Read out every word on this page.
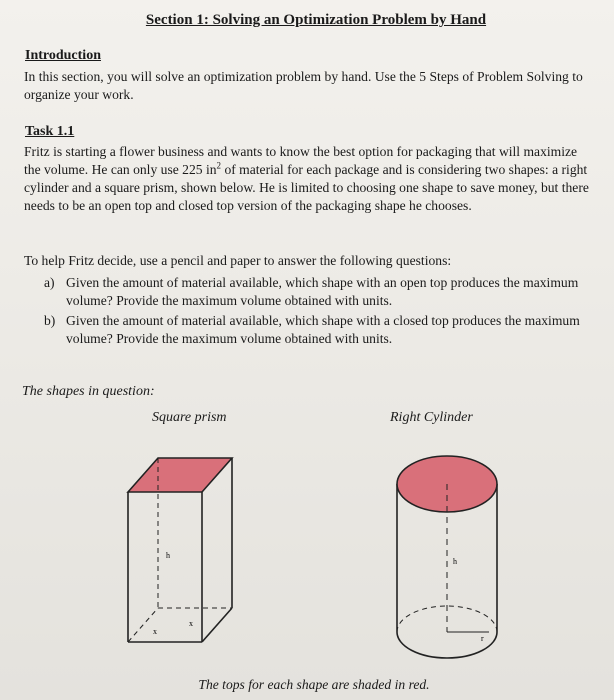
Section 1: Solving an Optimization Problem by Hand
Introduction
In this section, you will solve an optimization problem by hand. Use the 5 Steps of Problem Solving to organize your work.
Task 1.1
Fritz is starting a flower business and wants to know the best option for packaging that will maximize the volume. He can only use 225 $in^2$ of material for each package and is considering two shapes: a right cylinder and a square prism, shown below. He is limited to choosing one shape to save money, but there needs to be an open top and closed top version of the packaging shape he chooses.
To help Fritz decide, use a pencil and paper to answer the following questions:
a) Given the amount of material available, which shape with an open top produces the maximum volume? Provide the maximum volume obtained with units.
b) Given the amount of material available, which shape with a closed top produces the maximum volume? Provide the maximum volume obtained with units.
The shapes in question:
Square prism	Right Cylinder
h
x
x
h
r
The tops for each shape are shaded in red.
